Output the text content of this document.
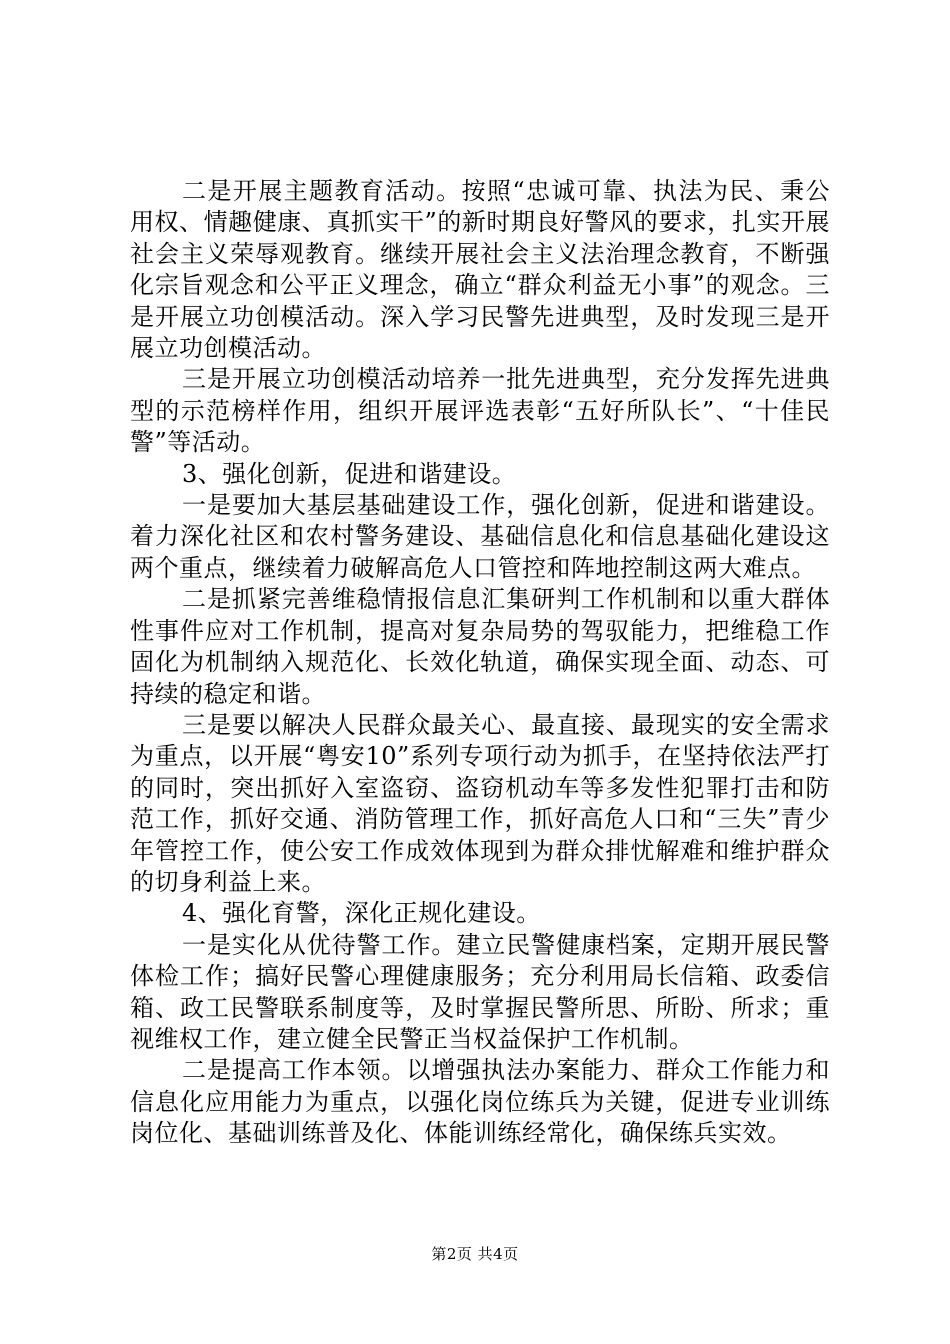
二是开展主题教育活动。按照“忠诚可靠、执法为民、秉公用权、情趣健康、真抓实干”的新时期良好警风的要求，扎实开展社会主义荣辱观教育。继续开展社会主义法治理念教育，不断强化宗旨观念和公平正义理念，确立“群众利益无小事”的观念。三是开展立功创模活动。深入学习民警先进典型，及时发现三是开展立功创模活动。

三是开展立功创模活动培养一批先进典型，充分发挥先进典型的示范榜样作用，组织开展评选表彰“五好所队长”、“十佳民警”等活动。

3、强化创新，促进和谐建设。

一是要加大基层基础建设工作，强化创新，促进和谐建设。着力深化社区和农村警务建设、基础信息化和信息基础化建设这两个重点，继续着力破解高危人口管控和阵地控制这两大难点。

二是抓紧完善维稳情报信息汇集研判工作机制和以重大群体性事件应对工作机制，提高对复杂局势的驾驭能力，把维稳工作固化为机制纳入规范化、长效化轨道，确保实现全面、动态、可持续的稳定和谐。

三是要以解决人民群众最关心、最直接、最现实的安全需求为重点，以开展“粤安10”系列专项行动为抓手，在坚持依法严打的同时，突出抓好入室盗窃、盗窃机动车等多发性犯罪打击和防范工作，抓好交通、消防管理工作，抓好高危人口和“三失”青少年管控工作，使公安工作成效体现到为群众排忧解难和维护群众的切身利益上来。

4、强化育警，深化正规化建设。

一是实化从优待警工作。建立民警健康档案，定期开展民警体检工作；搞好民警心理健康服务；充分利用局长信箱、政委信箱、政工民警联系制度等，及时掌握民警所思、所盼、所求；重视维权工作，建立健全民警正当权益保护工作机制。

二是提高工作本领。以增强执法办案能力、群众工作能力和信息化应用能力为重点，以强化岗位练兵为关键，促进专业训练岗位化、基础训练普及化、体能训练经常化，确保练兵实效。

第2页 共4页
